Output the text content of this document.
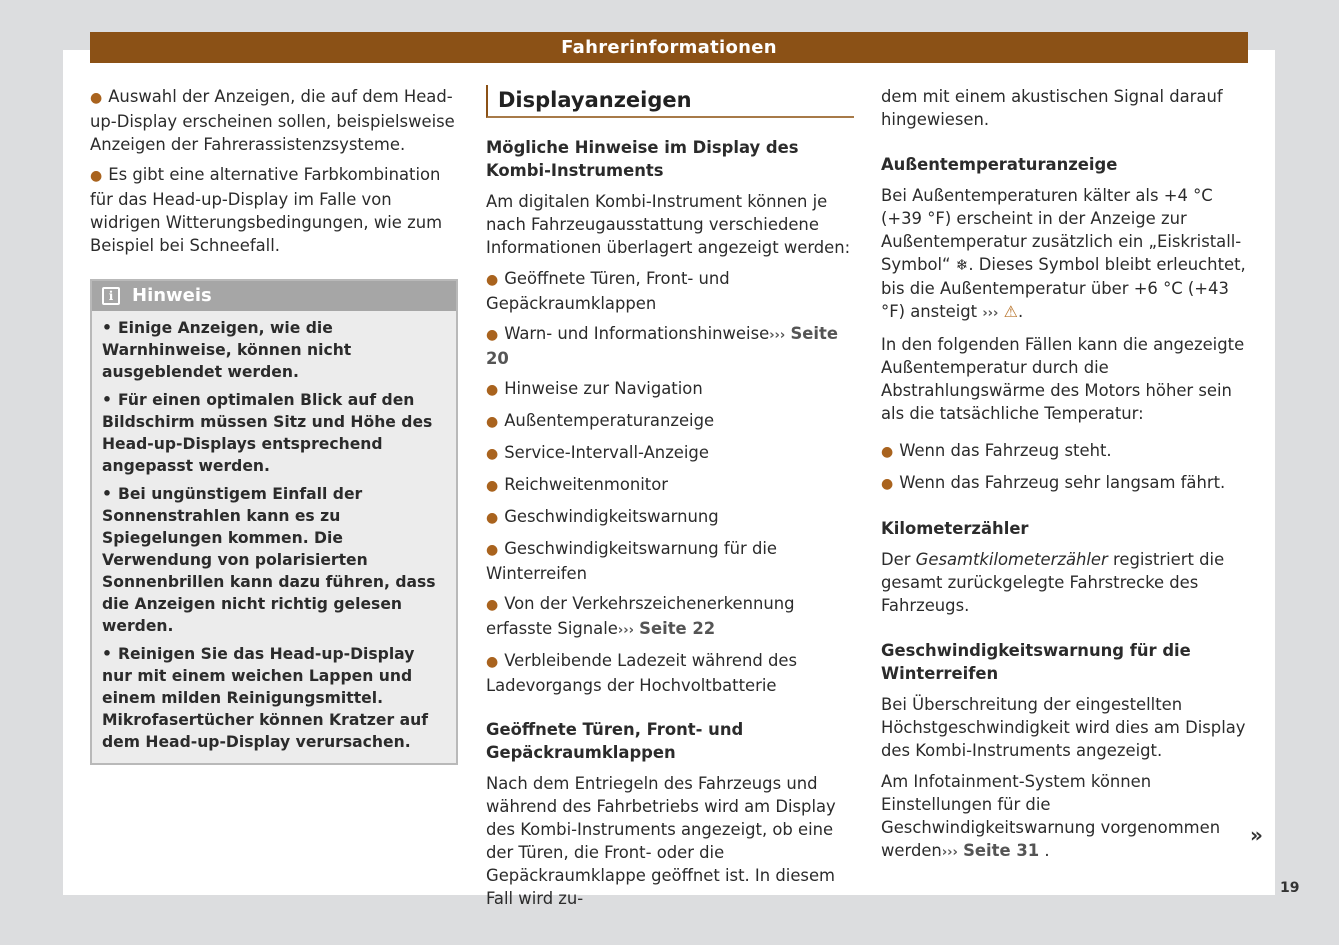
Fahrerinformationen
● Auswahl der Anzeigen, die auf dem Head-up-Display erscheinen sollen, beispielsweise Anzeigen der Fahrerassistenzsysteme.
● Es gibt eine alternative Farbkombination für das Head-up-Display im Falle von widrigen Witterungsbedingungen, wie zum Beispiel bei Schneefall.
i	Hinweis
• Einige Anzeigen, wie die Warnhinweise, können nicht ausgeblendet werden.
• Für einen optimalen Blick auf den Bildschirm müssen Sitz und Höhe des Head-up-Displays entsprechend angepasst werden.
• Bei ungünstigem Einfall der Sonnenstrahlen kann es zu Spiegelungen kommen. Die Verwendung von polarisierten Sonnenbrillen kann dazu führen, dass die Anzeigen nicht richtig gelesen werden.
• Reinigen Sie das Head-up-Display nur mit einem weichen Lappen und einem milden Reinigungsmittel. Mikrofasertücher können Kratzer auf dem Head-up-Display verursachen.
Displayanzeigen
Mögliche Hinweise im Display des Kombi-Instruments

Am digitalen Kombi-Instrument können je nach Fahrzeugausstattung verschiedene Informationen überlagert angezeigt werden:

● Geöffnete Türen, Front- und Gepäckraumklappen
● Warn- und Informationshinweise››› Seite 20
● Hinweise zur Navigation
● Außentemperaturanzeige
● Service-Intervall-Anzeige
● Reichweitenmonitor
● Geschwindigkeitswarnung
● Geschwindigkeitswarnung für die Winterreifen
● Von der Verkehrszeichenerkennung erfasste Signale››› Seite 22
● Verbleibende Ladezeit während des Ladevorgangs der Hochvoltbatterie
Geöffnete Türen, Front- und Gepäckraumklappen

Nach dem Entriegeln des Fahrzeugs und während des Fahrbetriebs wird am Display des Kombi-Instruments angezeigt, ob eine der Türen, die Front- oder die Gepäckraumklappe geöffnet ist. In diesem Fall wird zu-

dem mit einem akustischen Signal darauf hingewiesen.

Außentemperaturanzeige

Bei Außentemperaturen kälter als +4 °C (+39 °F) erscheint in der Anzeige zur Außentemperatur zusätzlich ein „Eiskristall-Symbol“ ❄. Dieses Symbol bleibt erleuchtet, bis die Außentemperatur über +6 °C (+43 °F) ansteigt ››› ⚠.

In den folgenden Fällen kann die angezeigte Außentemperatur durch die Abstrahlungswärme des Motors höher sein als die tatsächliche Temperatur:

● Wenn das Fahrzeug steht.
● Wenn das Fahrzeug sehr langsam fährt.
Kilometerzähler

Der Gesamtkilometerzähler registriert die gesamt zurückgelegte Fahrstrecke des Fahrzeugs.

Geschwindigkeitswarnung für die Winterreifen

Bei Überschreitung der eingestellten Höchstgeschwindigkeit wird dies am Display des Kombi-Instruments angezeigt.

Am Infotainment-System können Einstellungen für die Geschwindigkeitswarnung vorgenommen werden››› Seite 31 .

»
19
